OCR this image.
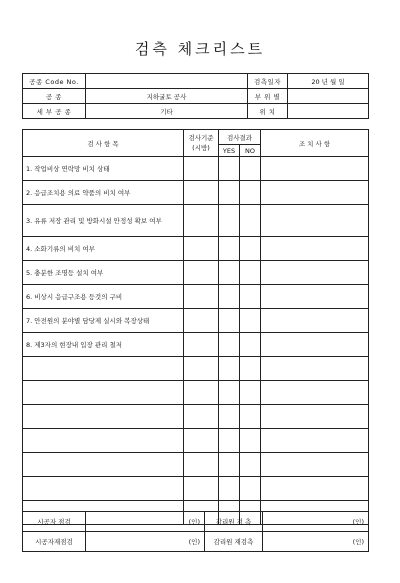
검측 체크리스트
공종 Code No.		검측일자	20 년 월 일
공 종	지하굴토 공사	부 위 별	
세 부 공 종	기타	위 치	
검 사 항 목	검사기준 (시방)	검사결과		조 치 사 항
		YES	NO	
1. 작업비상 연락망 비치 상태				
2. 응급조치용 의료 약품의 비치 여부				
3. 유류 저장 관리 및 방화시설 안정성 확보 여부				
4. 소화기류의 비치 여부				
5. 충분한 조명등 설치 여부				
6. 비상시 응급구조용 등것의 구비				
7. 안전원의 분야별 담당제 실시와 복장상태				
8. 제3자의 현장내 입장 관리 철저				

시공자 점검	(인)	감리원 검 측	(인)
시공자재점검	(인)	감리원 재검측	(인)
